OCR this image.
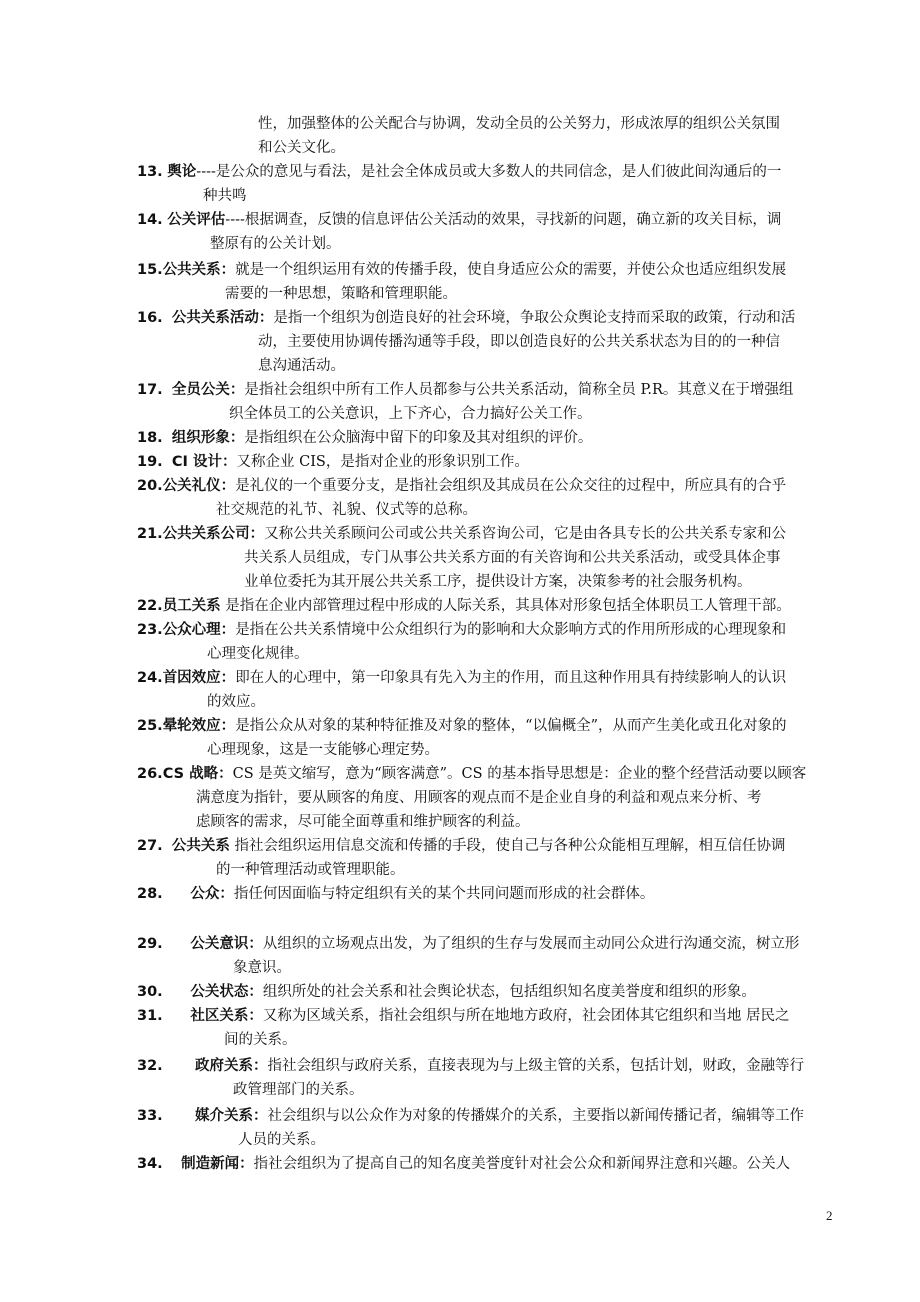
性，加强整体的公关配合与协调，发动全员的公关努力，形成浓厚的组织公关氛围
和公关文化。
13. 舆论----是公众的意见与看法，是社会全体成员或大多数人的共同信念，是人们彼此间沟通后的一
种共鸣
14. 公关评估----根据调查，反馈的信息评估公关活动的效果，寻找新的问题，确立新的攻关目标，调
整原有的公关计划。
15.公共关系：就是一个组织运用有效的传播手段，使自身适应公众的需要，并使公众也适应组织发展
需要的一种思想，策略和管理职能。
16. 公共关系活动：是指一个组织为创造良好的社会环境，争取公众舆论支持而采取的政策，行动和活
动，主要使用协调传播沟通等手段，即以创造良好的公共关系状态为目的的一种信
息沟通活动。
17. 全员公关：是指社会组织中所有工作人员都参与公共关系活动，简称全员 P.R。其意义在于增强组
织全体员工的公关意识，上下齐心，合力搞好公关工作。
18. 组织形象：是指组织在公众脑海中留下的印象及其对组织的评价。
19. CI 设计：又称企业 CIS，是指对企业的形象识别工作。
20.公关礼仪：是礼仪的一个重要分支，是指社会组织及其成员在公众交往的过程中，所应具有的合乎
社交规范的礼节、礼貌、仪式等的总称。
21.公共关系公司：又称公共关系顾问公司或公共关系咨询公司，它是由各具专长的公共关系专家和公
共关系人员组成，专门从事公共关系方面的有关咨询和公共关系活动，或受具体企事
业单位委托为其开展公共关系工序，提供设计方案，决策参考的社会服务机构。
22.员工关系 是指在企业内部管理过程中形成的人际关系，其具体对形象包括全体职员工人管理干部。
23.公众心理：是指在公共关系情境中公众组织行为的影响和大众影响方式的作用所形成的心理现象和
心理变化规律。
24.首因效应：即在人的心理中，第一印象具有先入为主的作用，而且这种作用具有持续影响人的认识
的效应。
25.晕轮效应：是指公众从对象的某种特征推及对象的整体，“以偏概全”，从而产生美化或丑化对象的
心理现象，这是一支能够心理定势。
26.CS 战略：CS 是英文缩写，意为“顾客满意”。CS 的基本指导思想是：企业的整个经营活动要以顾客
满意度为指针，要从顾客的角度、用顾客的观点而不是企业自身的利益和观点来分析、考
虑顾客的需求，尽可能全面尊重和维护顾客的利益。
27. 公共关系 指社会组织运用信息交流和传播的手段，使自己与各种公众能相互理解，相互信任协调
的一种管理活动或管理职能。
28. 公众：指任何因面临与特定组织有关的某个共同问题而形成的社会群体。
29. 公关意识：从组织的立场观点出发，为了组织的生存与发展而主动同公众进行沟通交流，树立形
象意识。
30. 公关状态：组织所处的社会关系和社会舆论状态，包括组织知名度美誉度和组织的形象。
31. 社区关系：又称为区域关系，指社会组织与所在地地方政府，社会团体其它组织和当地 居民之
间的关系。
32. 政府关系：指社会组织与政府关系，直接表现为与上级主管的关系，包括计划，财政，金融等行
政管理部门的关系。
33. 媒介关系：社会组织与以公众作为对象的传播媒介的关系，主要指以新闻传播记者，编辑等工作
人员的关系。
34. 制造新闻：指社会组织为了提高自己的知名度美誉度针对社会公众和新闻界注意和兴趣。公关人
2
